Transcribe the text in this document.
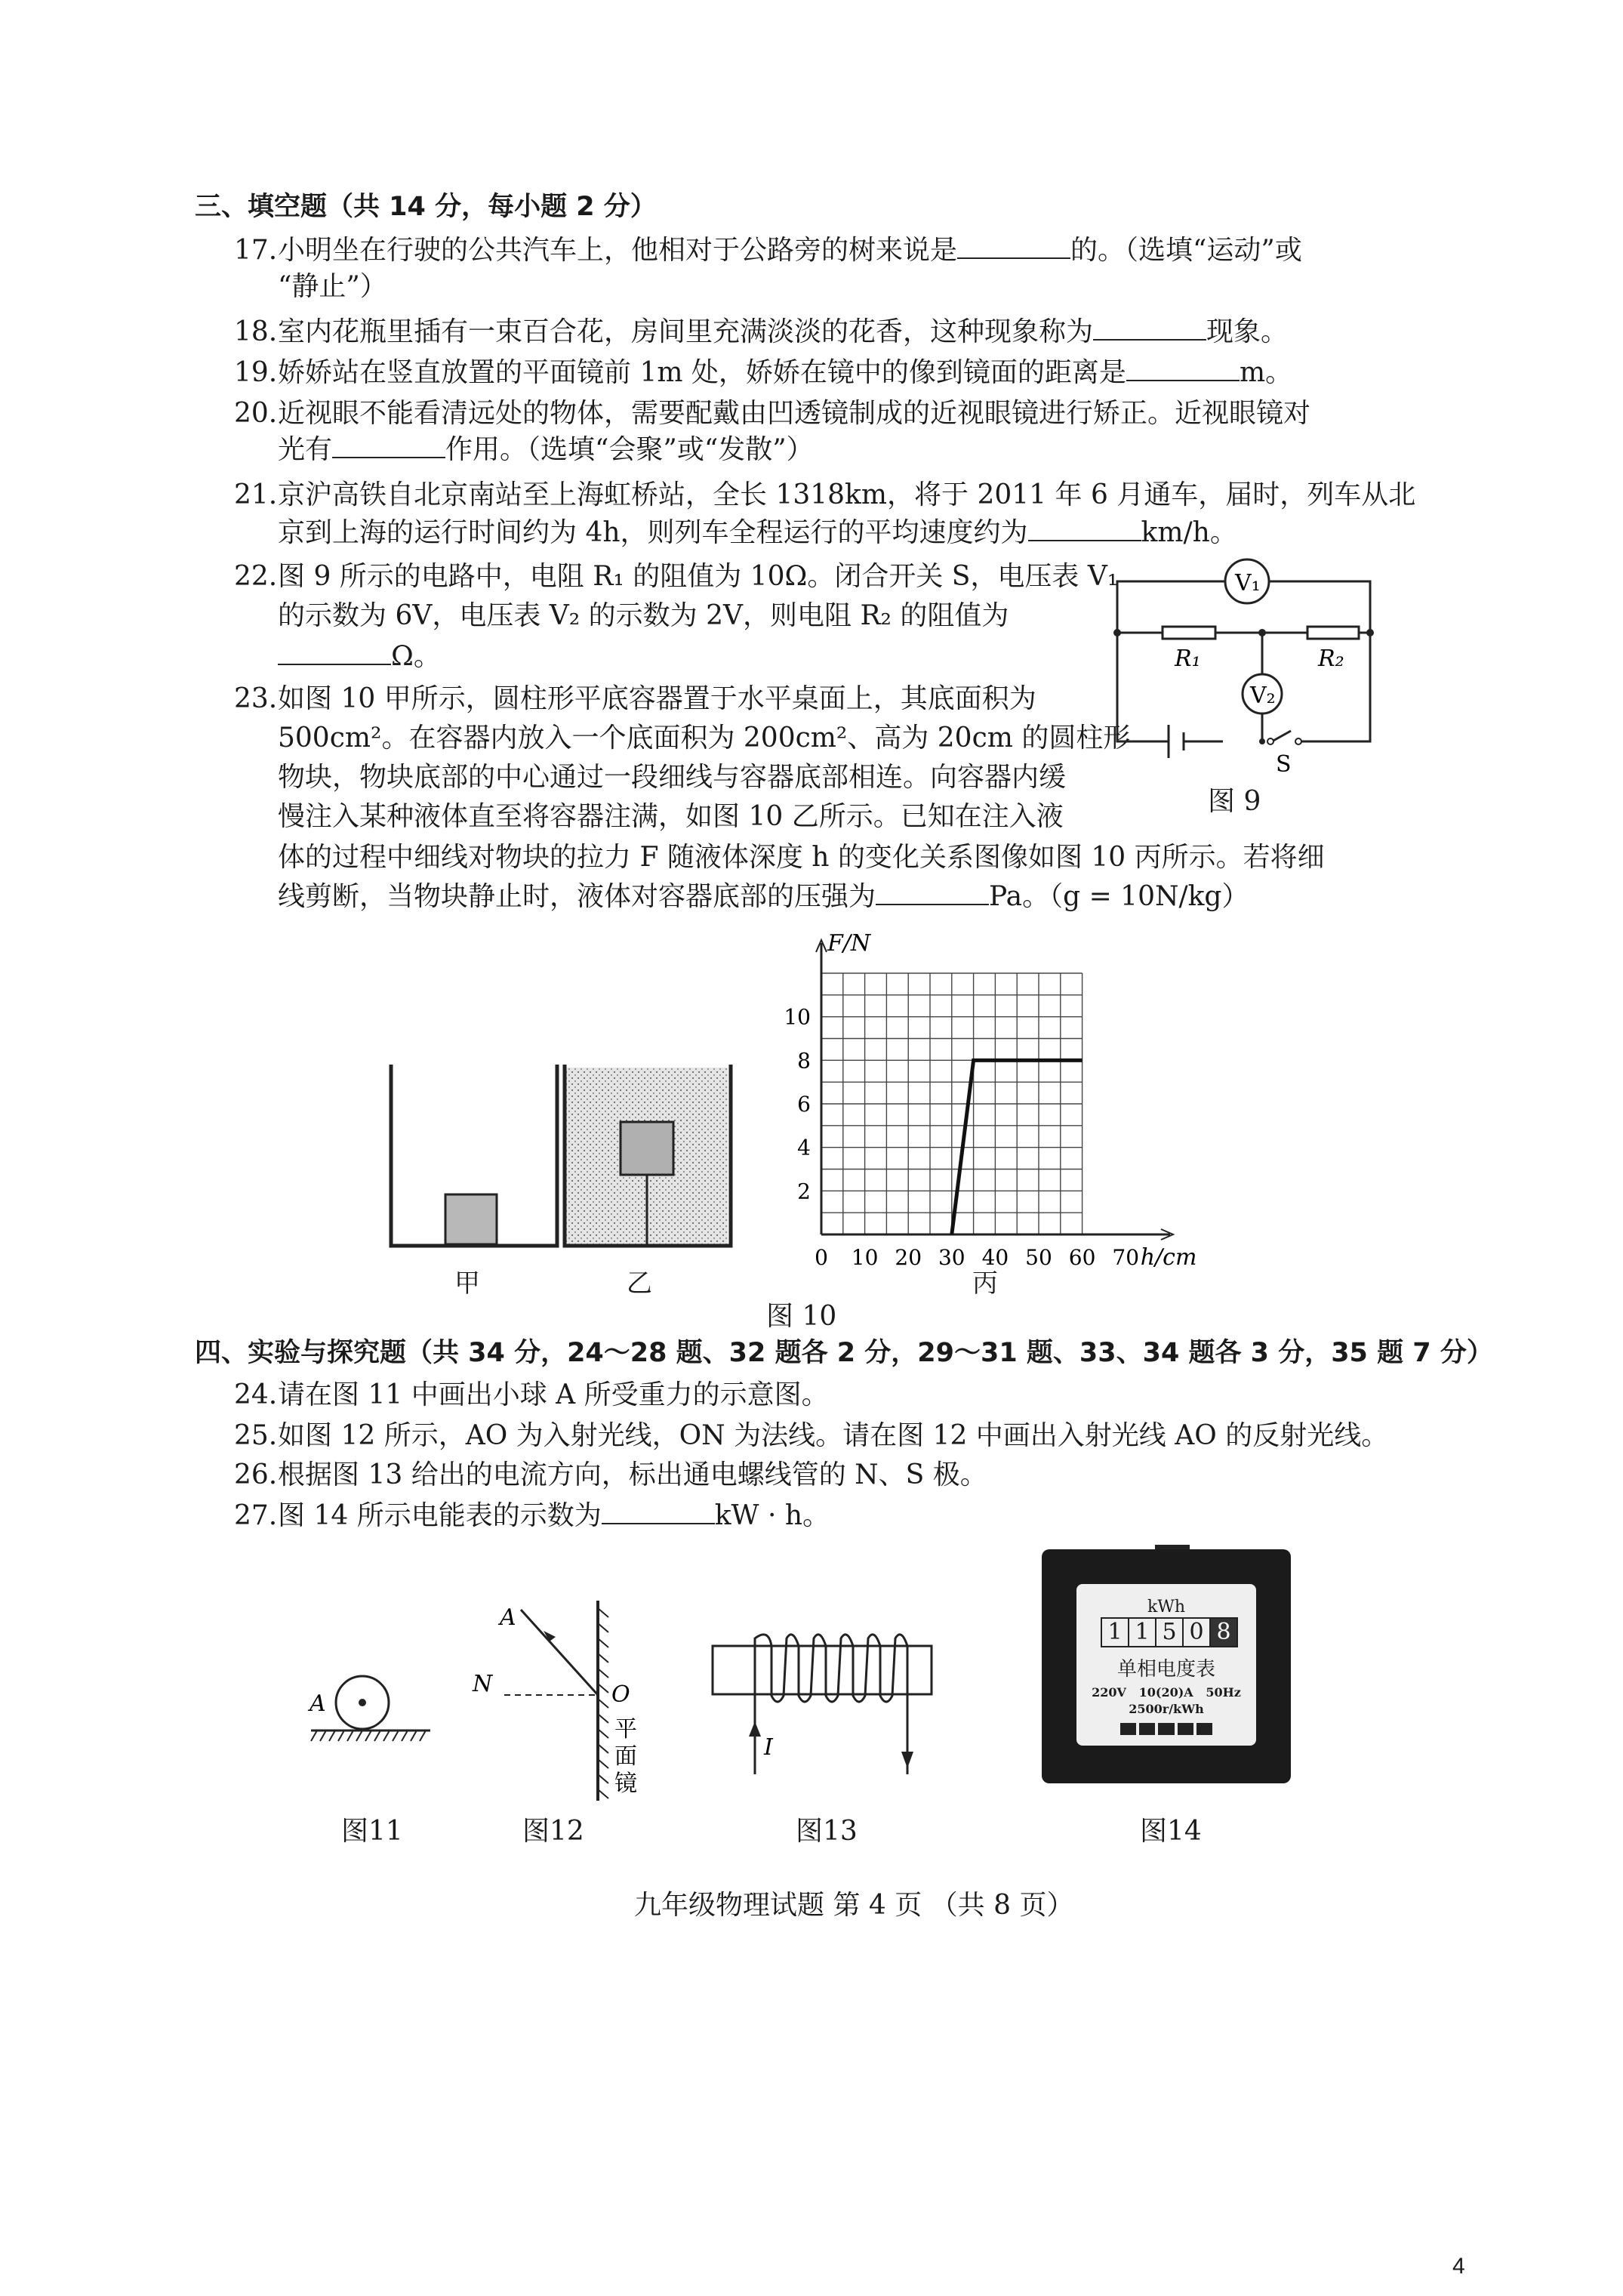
三、填空题（共 14 分，每小题 2 分）
17.小明坐在行驶的公共汽车上，他相对于公路旁的树来说是	的。（选填“运动”或
“静止”）
18.室内花瓶里插有一束百合花，房间里充满淡淡的花香，这种现象称为	现象。
19.娇娇站在竖直放置的平面镜前 1m 处，娇娇在镜中的像到镜面的距离是	m。
20.近视眼不能看清远处的物体，需要配戴由凹透镜制成的近视眼镜进行矫正。近视眼镜对
光有	作用。（选填“会聚”或“发散”）
21.京沪高铁自北京南站至上海虹桥站，全长 1318km，将于 2011 年 6 月通车，届时，列车从北
京到上海的运行时间约为 4h，则列车全程运行的平均速度约为	km/h。
22.图 9 所示的电路中，电阻 R₁ 的阻值为 10Ω。闭合开关 S，电压表 V₁
的示数为 6V，电压表 V₂ 的示数为 2V，则电阻 R₂ 的阻值为
Ω。
23.如图 10 甲所示，圆柱形平底容器置于水平桌面上，其底面积为
500cm²。在容器内放入一个底面积为 200cm²、高为 20cm 的圆柱形
物块，物块底部的中心通过一段细线与容器底部相连。向容器内缓
慢注入某种液体直至将容器注满，如图 10 乙所示。已知在注入液
体的过程中细线对物块的拉力 F 随液体深度 h 的变化关系图像如图 10 丙所示。若将细
线剪断，当物块静止时，液体对容器底部的压强为	Pa。（g = 10N/kg）
V₁
V₂
R₁	R₂
S
图 9
甲	乙
0 10 20 30 40 50 60 70
2
4
6
8
10
F/N
h/cm
丙
图 10
四、实验与探究题（共 34 分，24～28 题、32 题各 2 分，29～31 题、33、34 题各 3 分，35 题 7 分）
24.请在图 11 中画出小球 A 所受重力的示意图。
25.如图 12 所示，AO 为入射光线，ON 为法线。请在图 12 中画出入射光线 AO 的反射光线。
26.根据图 13 给出的电流方向，标出通电螺线管的 N、S 极。
27.图 14 所示电能表的示数为	kW · h。
A
图11
A
N	O
平
面
镜
图12
I
图13
kWh
1 1 5 0 8
单相电度表
220V   10(20)A   50Hz
2500r/kWh
图14
九年级物理试题 第 4 页 （共 8 页）
4
